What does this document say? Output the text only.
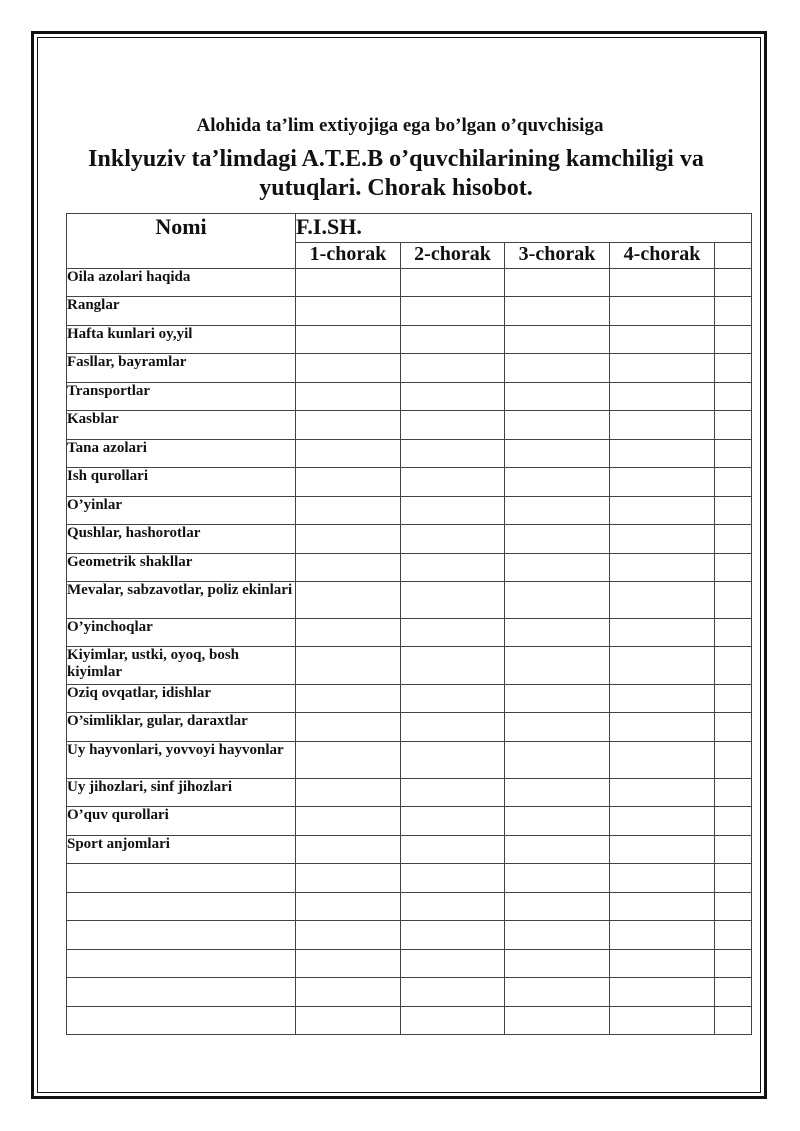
Alohida ta’lim extiyojiga ega bo’lgan o’quvchisiga
Inklyuziv ta’limdagi A.T.E.B o’quvchilarining kamchiligi va yutuqlari. Chorak hisobot.
Nomi	F.I.SH.				
	1-chorak	2-chorak	3-chorak	4-chorak	
Oila azolari haqida					
Ranglar					
Hafta kunlari oy,yil					
Fasllar, bayramlar					
Transportlar					
Kasblar					
Tana azolari					
Ish qurollari					
O’yinlar					
Qushlar, hashorotlar					
Geometrik shakllar					
Mevalar, sabzavotlar, poliz ekinlari					
O’yinchoqlar					
Kiyimlar, ustki, oyoq, bosh kiyimlar					
Oziq ovqatlar, idishlar					
O’simliklar, gular, daraxtlar					
Uy hayvonlari, yovvoyi hayvonlar					
Uy jihozlari, sinf jihozlari					
O’quv qurollari					
Sport anjomlari					
